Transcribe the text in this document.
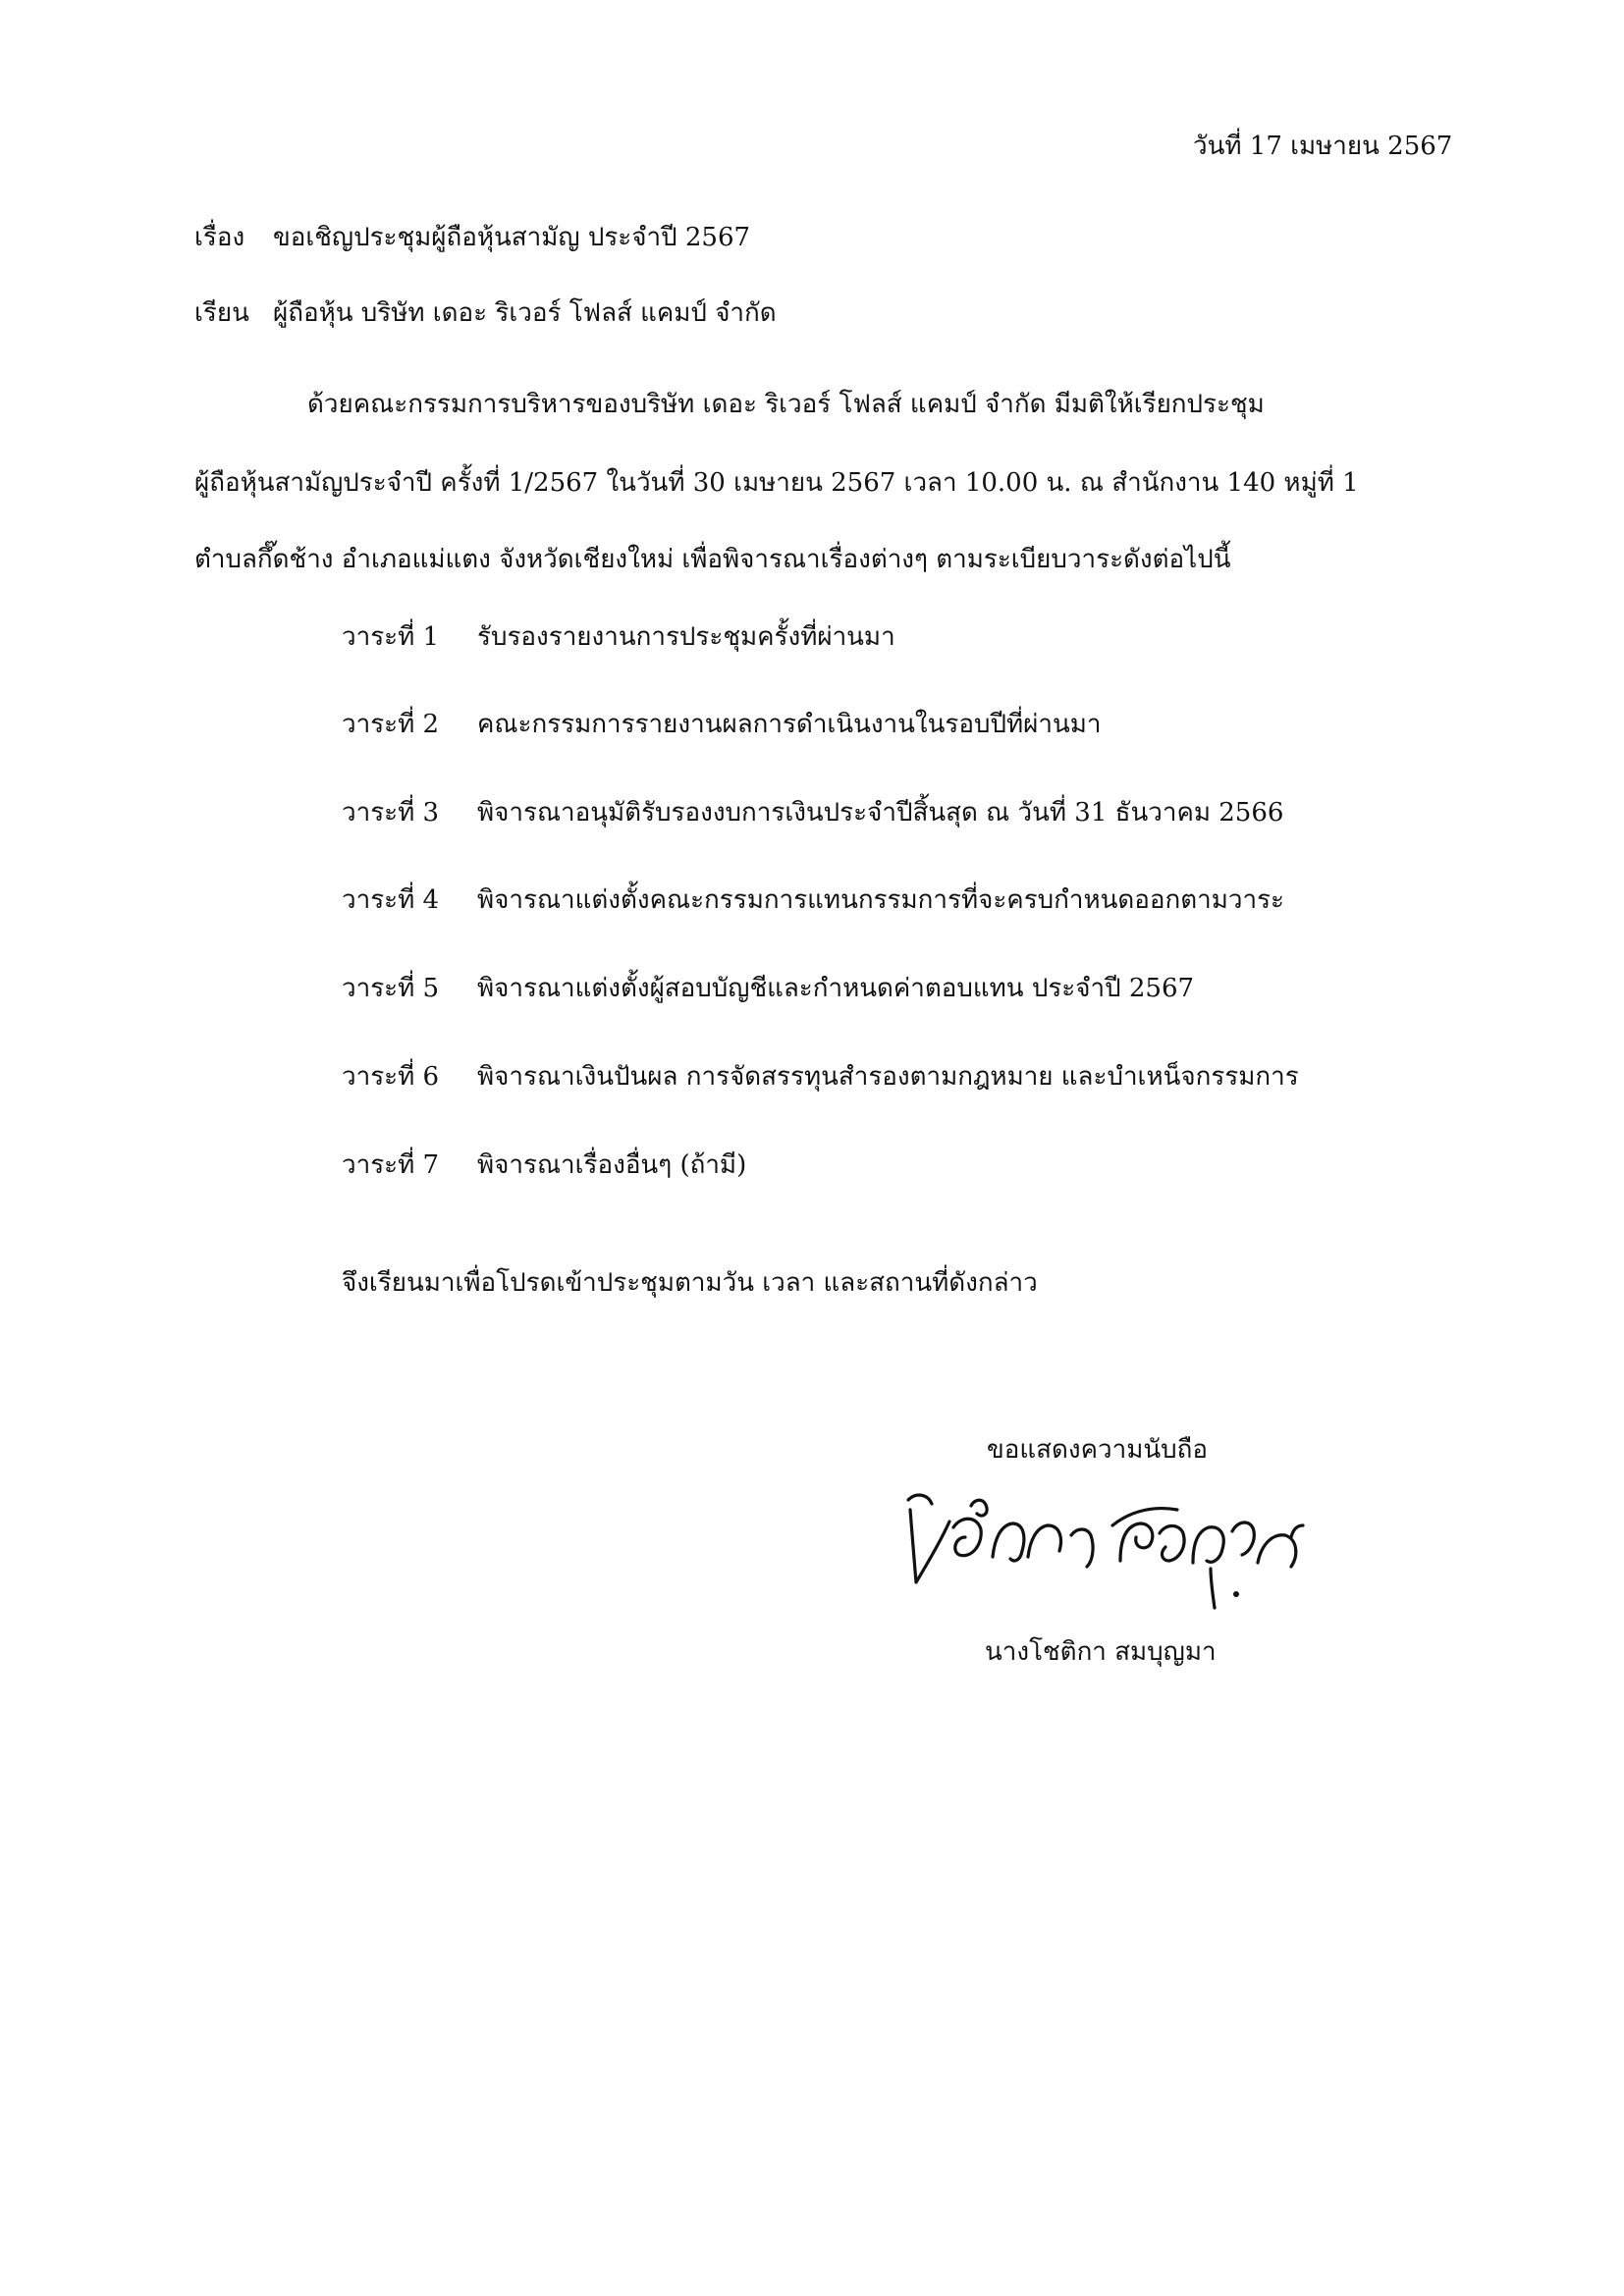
วันที่ 17 เมษายน 2567
เรื่อง ขอเชิญประชุมผู้ถือหุ้นสามัญ ประจำปี 2567
เรียน ผู้ถือหุ้น บริษัท เดอะ ริเวอร์ โฟลส์ แคมป์ จำกัด
ด้วยคณะกรรมการบริหารของบริษัท เดอะ ริเวอร์ โฟลส์ แคมป์ จำกัด มีมติให้เรียกประชุม
ผู้ถือหุ้นสามัญประจำปี ครั้งที่ 1/2567 ในวันที่ 30 เมษายน 2567 เวลา 10.00 น. ณ สำนักงาน 140 หมู่ที่ 1
ตำบลกึ๊ดช้าง อำเภอแม่แตง จังหวัดเชียงใหม่ เพื่อพิจารณาเรื่องต่างๆ ตามระเบียบวาระดังต่อไปนี้
วาระที่ 1 รับรองรายงานการประชุมครั้งที่ผ่านมา
วาระที่ 2 คณะกรรมการรายงานผลการดำเนินงานในรอบปีที่ผ่านมา
วาระที่ 3 พิจารณาอนุมัติรับรองงบการเงินประจำปีสิ้นสุด ณ วันที่ 31 ธันวาคม 2566
วาระที่ 4 พิจารณาแต่งตั้งคณะกรรมการแทนกรรมการที่จะครบกำหนดออกตามวาระ
วาระที่ 5 พิจารณาแต่งตั้งผู้สอบบัญชีและกำหนดค่าตอบแทน ประจำปี 2567
วาระที่ 6 พิจารณาเงินปันผล การจัดสรรทุนสำรองตามกฎหมาย และบำเหน็จกรรมการ
วาระที่ 7 พิจารณาเรื่องอื่นๆ (ถ้ามี)
จึงเรียนมาเพื่อโปรดเข้าประชุมตามวัน เวลา และสถานที่ดังกล่าว
ขอแสดงความนับถือ
นางโชติกา สมบุญมา
